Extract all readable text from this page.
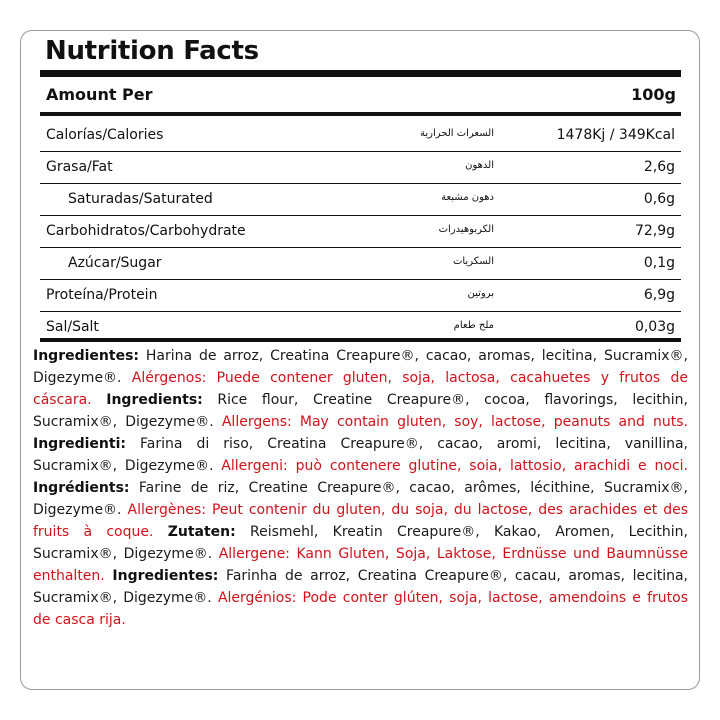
Nutrition Facts
Amount Per	100g
Calorías/Calories	السعرات الحرارية	1478Kj / 349Kcal
Grasa/Fat	الدهون	2,6g
Saturadas/Saturated	دهون مشبعة	0,6g
Carbohidratos/Carbohydrate	الكربوهيدرات	72,9g
Azúcar/Sugar	السكريات	0,1g
Proteína/Protein	بروتين	6,9g
Sal/Salt	ملح طعام	0,03g
Ingredientes: Harina de arroz, Creatina Creapure®, cacao, aromas, lecitina, Sucramix®, Digezyme®. Alérgenos: Puede contener gluten, soja, lactosa, cacahuetes y frutos de cáscara. Ingredients: Rice flour, Creatine Creapure®, cocoa, flavorings, lecithin, Sucramix®, Digezyme®. Allergens: May contain gluten, soy, lactose, peanuts and nuts. Ingredienti: Farina di riso, Creatina Creapure®, cacao, aromi, lecitina, vanillina, Sucramix®, Digezyme®. Allergeni: può contenere glutine, soia, lattosio, arachidi e noci. Ingrédients: Farine de riz, Creatine Creapure®, cacao, arômes, lécithine, Sucramix®, Digezyme®. Allergènes: Peut contenir du gluten, du soja, du lactose, des arachides et des fruits à coque. Zutaten: Reismehl, Kreatin Creapure®, Kakao, Aromen, Lecithin, Sucramix®, Digezyme®. Allergene: Kann Gluten, Soja, Laktose, Erdnüsse und Baumnüsse enthalten. Ingredientes: Farinha de arroz, Creatina Creapure®, cacau, aromas, lecitina, Sucramix®, Digezyme®. Alergénios: Pode conter glúten, soja, lactose, amendoins e frutos de casca rija.
